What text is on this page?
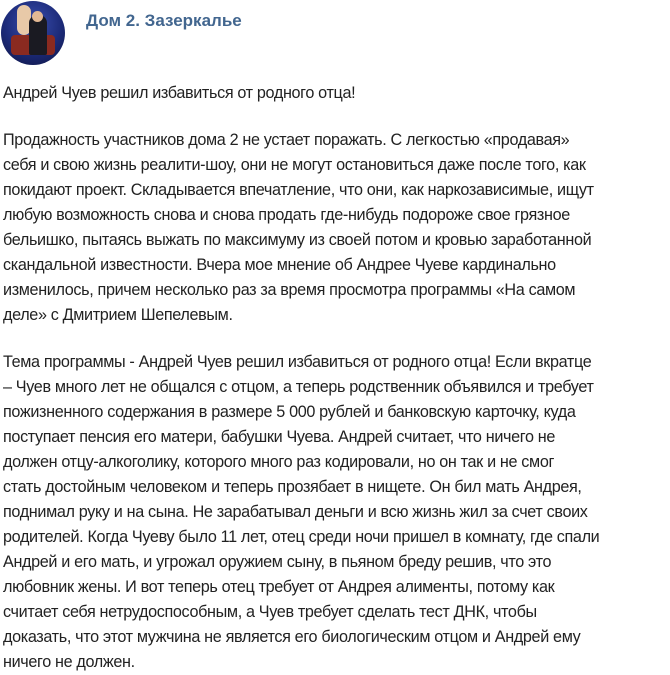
Дом 2. Зазеркалье
Андрей Чуев решил избавиться от родного отца!
Продажность участников дома 2 не устает поражать. С легкостью «продавая»
себя и свою жизнь реалити-шоу, они не могут остановиться даже после того, как
покидают проект. Складывается впечатление, что они, как наркозависимые, ищут
любую возможность снова и снова продать где-нибудь подороже свое грязное
бельишко, пытаясь выжать по максимуму из своей потом и кровью заработанной
скандальной известности. Вчера мое мнение об Андрее Чуеве кардинально
изменилось, причем несколько раз за время просмотра программы «На самом
деле» с Дмитрием Шепелевым.
Тема программы - Андрей Чуев решил избавиться от родного отца! Если вкратце
– Чуев много лет не общался с отцом, а теперь родственник объявился и требует
пожизненного содержания в размере 5 000 рублей и банковскую карточку, куда
поступает пенсия его матери, бабушки Чуева. Андрей считает, что ничего не
должен отцу-алкоголику, которого много раз кодировали, но он так и не смог
стать достойным человеком и теперь прозябает в нищете. Он бил мать Андрея,
поднимал руку и на сына. Не зарабатывал деньги и всю жизнь жил за счет своих
родителей. Когда Чуеву было 11 лет, отец среди ночи пришел в комнату, где спали
Андрей и его мать, и угрожал оружием сыну, в пьяном бреду решив, что это
любовник жены. И вот теперь отец требует от Андрея алименты, потому как
считает себя нетрудоспособным, а Чуев требует сделать тест ДНК, чтобы
доказать, что этот мужчина не является его биологическим отцом и Андрей ему
ничего не должен.
